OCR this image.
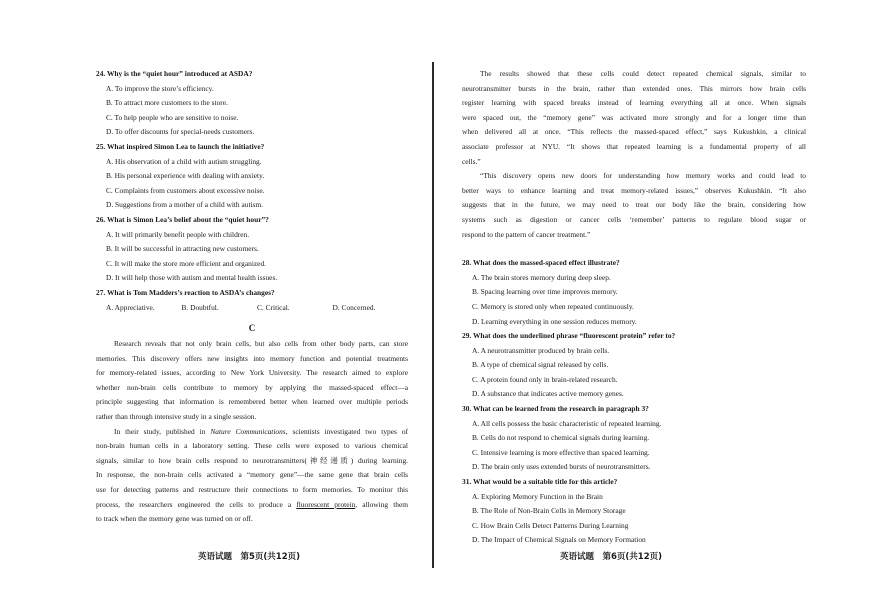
24. Why is the “quiet hour” introduced at ASDA?
A. To improve the store’s efficiency.
B. To attract more customers to the store.
C. To help people who are sensitive to noise.
D. To offer discounts for special-needs customers.
25. What inspired Simon Lea to launch the initiative?
A. His observation of a child with autism struggling.
B. His personal experience with dealing with anxiety.
C. Complaints from customers about excessive noise.
D. Suggestions from a mother of a child with autism.
26. What is Simon Lea’s belief about the “quiet hour”?
A. It will primarily benefit people with children.
B. It will be successful in attracting new customers.
C. It will make the store more efficient and organized.
D. It will help those with autism and mental health issues.
27. What is Tom Madders’s reaction to ASDA’s changes?
A. Appreciative.	B. Doubtful.	C. Critical.	D. Concerned.
C
Research reveals that not only brain cells, but also cells from other body parts, can store
memories. This discovery offers new insights into memory function and potential treatments
for memory-related issues, according to New York University. The research aimed to explore
whether non-brain cells contribute to memory by applying the massed-spaced effect—a
principle suggesting that information is remembered better when learned over multiple periods
rather than through intensive study in a single session.
In their study, published in Nature Communications, scientists investigated two types of
non-brain human cells in a laboratory setting. These cells were exposed to various chemical
signals, similar to how brain cells respond to neurotransmitters(神经递质) during learning.
In response, the non-brain cells activated a “memory gene”—the same gene that brain cells
use for detecting patterns and restructure their connections to form memories. To monitor this
process, the researchers engineered the cells to produce a fluorescent protein, allowing them
to track when the memory gene was turned on or off.
英语试题　第5页(共12页)
The results showed that these cells could detect repeated chemical signals, similar to
neurotransmitter bursts in the brain, rather than extended ones. This mirrors how brain cells
register learning with spaced breaks instead of learning everything all at once. When signals
were spaced out, the “memory gene” was activated more strongly and for a longer time than
when delivered all at once. “This reflects the massed-spaced effect,” says Kukushkin, a clinical
associate professor at NYU. “It shows that repeated learning is a fundamental property of all
cells.”
“This discovery opens new doors for understanding how memory works and could lead to
better ways to enhance learning and treat memory-related issues,” observes Kukushkin. “It also
suggests that in the future, we may need to treat our body like the brain, considering how
systems such as digestion or cancer cells ‘remember’ patterns to regulate blood sugar or
respond to the pattern of cancer treatment.”
28. What does the massed-spaced effect illustrate?
A. The brain stores memory during deep sleep.
B. Spacing learning over time improves memory.
C. Memory is stored only when repeated continuously.
D. Learning everything in one session reduces memory.
29. What does the underlined phrase “fluorescent protein” refer to?
A. A neurotransmitter produced by brain cells.
B. A type of chemical signal released by cells.
C. A protein found only in brain-related research.
D. A substance that indicates active memory genes.
30. What can be learned from the research in paragraph 3?
A. All cells possess the basic characteristic of repeated learning.
B. Cells do not respond to chemical signals during learning.
C. Intensive learning is more effective than spaced learning.
D. The brain only uses extended bursts of neurotransmitters.
31. What would be a suitable title for this article?
A. Exploring Memory Function in the Brain
B. The Role of Non-Brain Cells in Memory Storage
C. How Brain Cells Detect Patterns During Learning
D. The Impact of Chemical Signals on Memory Formation
英语试题　第6页(共12页)
